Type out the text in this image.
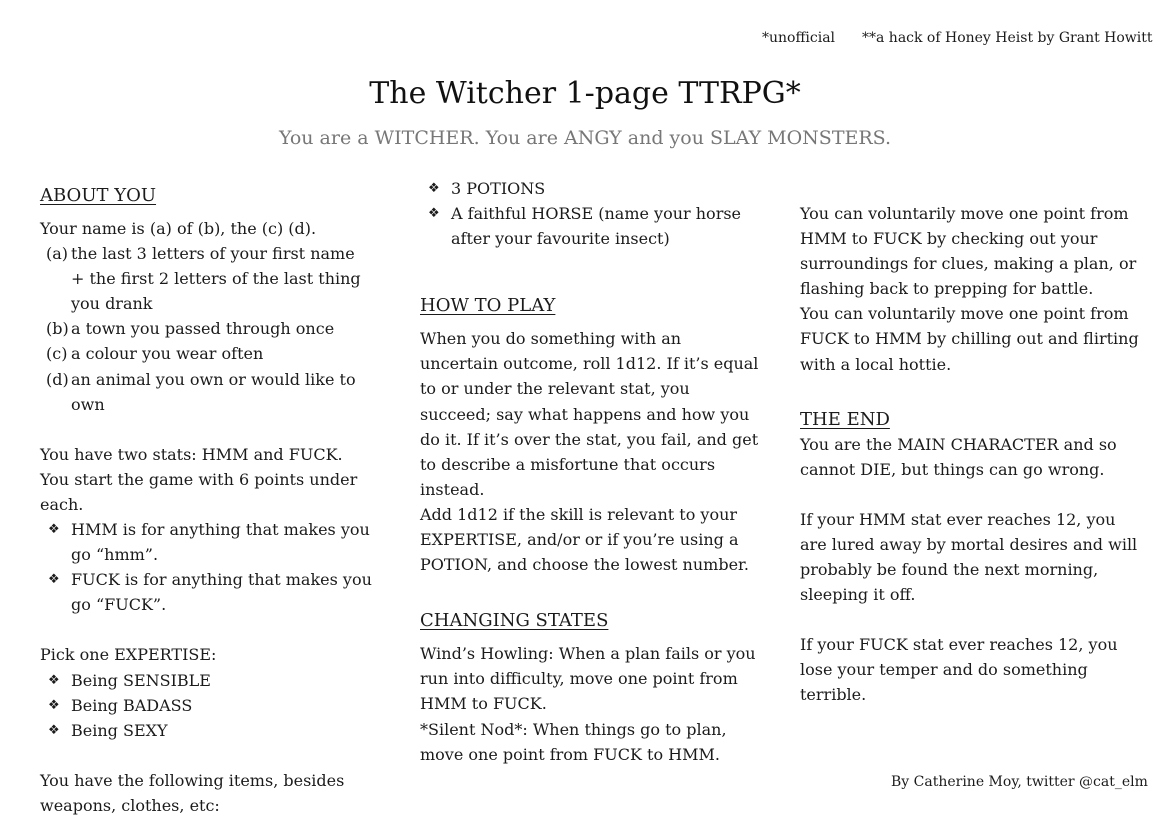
*unofficial **a hack of Honey Heist by Grant Howitt
The Witcher 1-page TTRPG*

You are a WITCHER. You are ANGY and you SLAY MONSTERS.

ABOUT YOU

Your name is (a) of (b), the (c) (d).

(a) the last 3 letters of your first name + the first 2 letters of the last thing you drank
(b) a town you passed through once
(c) a colour you wear often
(d) an animal you own or would like to own

You have two stats: HMM and FUCK. You start the game with 6 points under each.

❖ HMM is for anything that makes you go “hmm”.
❖ FUCK is for anything that makes you go “FUCK”.

Pick one EXPERTISE:

❖ Being SENSIBLE
❖ Being BADASS
❖ Being SEXY

You have the following items, besides weapons, clothes, etc:

❖ 3 POTIONS
❖ A faithful HORSE (name your horse after your favourite insect)
HOW TO PLAY

When you do something with an uncertain outcome, roll 1d12. If it’s equal to or under the relevant stat, you succeed; say what happens and how you do it. If it’s over the stat, you fail, and get to describe a misfortune that occurs instead.

Add 1d12 if the skill is relevant to your EXPERTISE, and/or or if you’re using a POTION, and choose the lowest number.

CHANGING STATES

Wind’s Howling: When a plan fails or you run into difficulty, move one point from HMM to FUCK.

*Silent Nod*: When things go to plan, move one point from FUCK to HMM.

You can voluntarily move one point from HMM to FUCK by checking out your surroundings for clues, making a plan, or flashing back to prepping for battle.

You can voluntarily move one point from FUCK to HMM by chilling out and flirting with a local hottie.

THE END

You are the MAIN CHARACTER and so cannot DIE, but things can go wrong.

If your HMM stat ever reaches 12, you are lured away by mortal desires and will probably be found the next morning, sleeping it off.

If your FUCK stat ever reaches 12, you lose your temper and do something terrible.

By Catherine Moy, twitter @cat_elm
